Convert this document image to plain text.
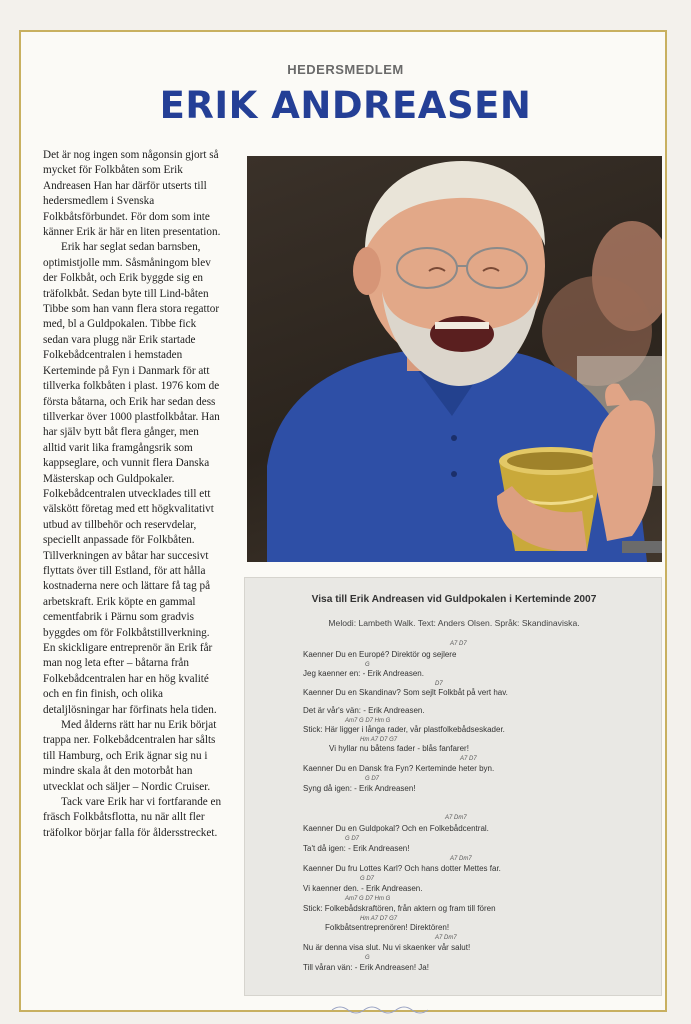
HEDERSMEDLEM
ERIK ANDREASEN

Det är nog ingen som någonsin gjort så mycket för Folkbåten som Erik Andreasen Han har därför utserts till hedersmedlem i Svenska Folkbåtsförbundet. För dom som inte känner Erik är här en liten presentation.

Erik har seglat sedan barnsben, optimistjolle mm. Såsmåningom blev der Folkbåt, och Erik byggde sig en träfolkbåt. Sedan byte till Lind-båten Tibbe som han vann flera stora regattor med, bl a Guldpokalen. Tibbe fick sedan vara plugg när Erik startade Folkebådcentralen i hemstaden Kerteminde på Fyn i Danmark för att tillverka folkbåten i plast. 1976 kom de första båtarna, och Erik har sedan dess tillverkar över 1000 plastfolkbåtar. Han har själv bytt båt flera gånger, men alltid varit lika framgångsrik som kappseglare, och vunnit flera Danska Mästerskap och Guldpokaler. Folkebådcentralen utvecklades till ett välskött företag med ett högkvalitativt utbud av tillbehör och reservdelar, speciellt anpassade för Folkbåten. Tillverkningen av båtar har succesivt flyttats över till Estland, för att hålla kostnaderna nere och lättare få tag på arbetskraft. Erik köpte en gammal cementfabrik i Pärnu som gradvis byggdes om för Folkbåtstillverkning. En skickligare entreprenör än Erik får man nog leta efter – båtarna från Folkebådcentralen har en hög kvalité och en fin finish, och olika detaljlösningar har förfinats hela tiden.

Med ålderns rätt har nu Erik börjat trappa ner. Folkebådcentralen har sålts till Hamburg, och Erik ägnar sig nu i mindre skala åt den motorbåt han utvecklat och säljer – Nordic Cruiser.

Tack vare Erik har vi fortfarande en fräsch Folkbåtsflotta, nu när allt fler träfolkor börjar falla för åldersstrecket.

Visa till Erik Andreasen vid Guldpokalen i Kerteminde 2007
Melodi: Lambeth Walk. Text: Anders Olsen. Språk: Skandinaviska.
A7 D7
Kaenner Du en Europé? Direktör og sejlere
G
Jeg kaenner en: - Erik Andreasen.
D7
Kaenner Du en Skandinav? Som sejlt Folkbåt på vert hav.
Det är vår's vän: - Erik Andreasen.
Am7 G D7 Hm G
Stick: Här ligger i långa rader, vår plastfolkebådseskader.
Hm A7 D7 G7
Vi hyllar nu båtens fader - blås fanfarer!
A7 D7
Kaenner Du en Dansk fra Fyn? Kerteminde heter byn.
G D7
Syng då igen: - Erik Andreasen!
A7 Dm7
Kaenner Du en Guldpokal? Och en Folkebådcentral.
G D7
Ta't då igen: - Erik Andreasen!
A7 Dm7
Kaenner Du fru Lottes Karl? Och hans dotter Mettes far.
G D7
Vi kaenner den. - Erik Andreasen.
Am7 G D7 Hm G
Stick: Folkebådskraftören, från aktern og fram till fören
Hm A7 D7 G7
Folkbåtsentreprenören! Direktören!
A7 Dm7
Nu är denna visa slut. Nu vi skaenker vår salut!
G
Till våran vän: - Erik Andreasen! Ja!
